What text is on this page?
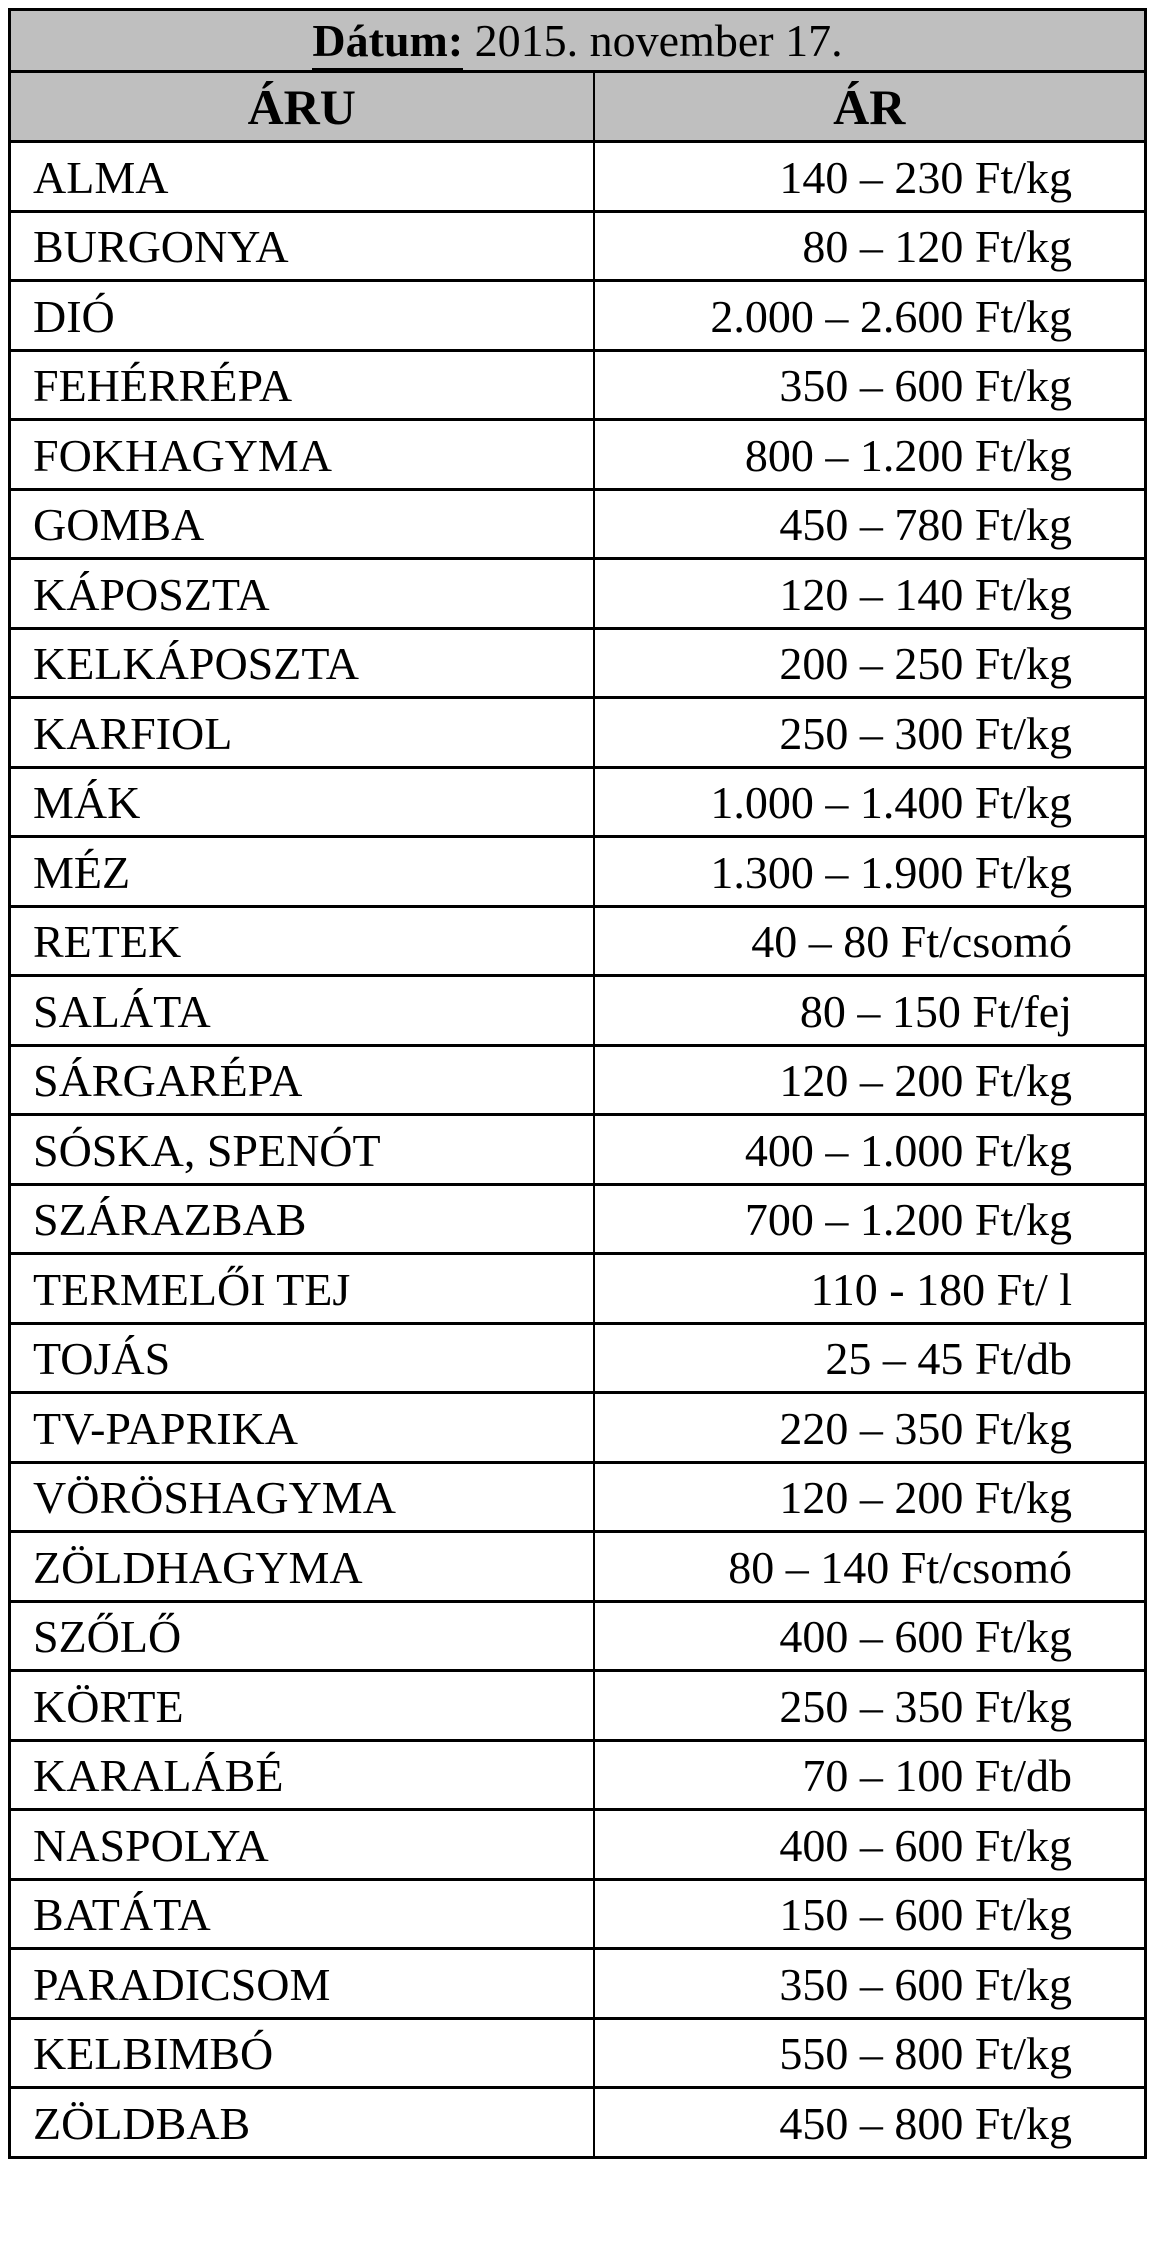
Dátum: 2015. november 17.	
ÁRU	ÁR
ALMA	140 – 230 Ft/kg
BURGONYA	80 – 120 Ft/kg
DIÓ	2.000 – 2.600 Ft/kg
FEHÉRRÉPA	350 – 600 Ft/kg
FOKHAGYMA	800 – 1.200 Ft/kg
GOMBA	450 – 780 Ft/kg
KÁPOSZTA	120 – 140 Ft/kg
KELKÁPOSZTA	200 – 250 Ft/kg
KARFIOL	250 – 300 Ft/kg
MÁK	1.000 – 1.400 Ft/kg
MÉZ	1.300 – 1.900 Ft/kg
RETEK	40 – 80 Ft/csomó
SALÁTA	80 – 150 Ft/fej
SÁRGARÉPA	120 – 200 Ft/kg
SÓSKA, SPENÓT	400 – 1.000 Ft/kg
SZÁRAZBAB	700 – 1.200 Ft/kg
TERMELŐI TEJ	110 - 180 Ft/ l
TOJÁS	25 – 45 Ft/db
TV-PAPRIKA	220 – 350 Ft/kg
VÖRÖSHAGYMA	120 – 200 Ft/kg
ZÖLDHAGYMA	80 – 140 Ft/csomó
SZŐLŐ	400 – 600 Ft/kg
KÖRTE	250 – 350 Ft/kg
KARALÁBÉ	70 – 100 Ft/db
NASPOLYA	400 – 600 Ft/kg
BATÁTA	150 – 600 Ft/kg
PARADICSOM	350 – 600 Ft/kg
KELBIMBÓ	550 – 800 Ft/kg
ZÖLDBAB	450 – 800 Ft/kg
